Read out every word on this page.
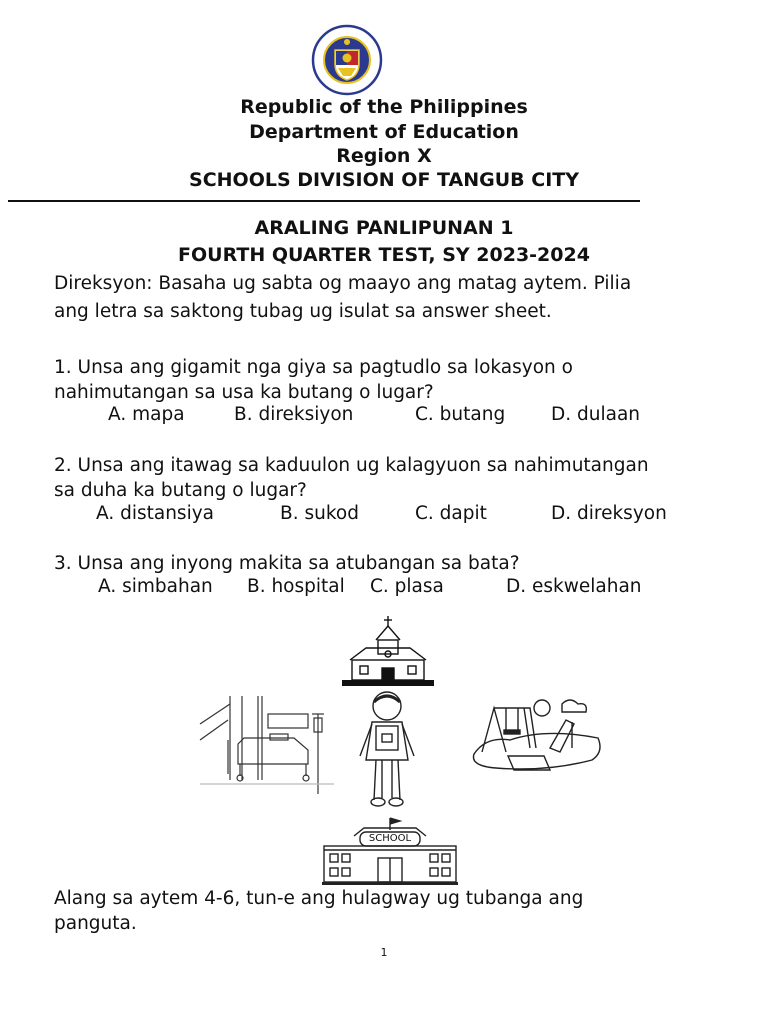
Republic of the Philippines
Department of Education
Region X
SCHOOLS DIVISION OF TANGUB CITY
ARALING PANLIPUNAN 1
FOURTH QUARTER TEST, SY 2023-2024
Direksyon: Basaha ug sabta og maayo ang matag aytem. Pilia
ang letra sa saktong tubag ug isulat sa answer sheet.
1. Unsa ang gigamit nga giya sa pagtudlo sa lokasyon o
nahimutangan sa usa ka butang o lugar?
A. mapa	B. direksiyon	C. butang D. dulaan
2. Unsa ang itawag sa kaduulon ug kalagyuon sa nahimutangan
sa duha ka butang o lugar?
A. distansiya	B. sukod	C. dapit	D. direksyon
3. Unsa ang inyong makita sa atubangan sa bata?
A. simbahan B. hospital C. plasa	D. eskwelahan
SCHOOL
Alang sa aytem 4-6, tun-e ang hulagway ug tubanga ang
panguta.
1
